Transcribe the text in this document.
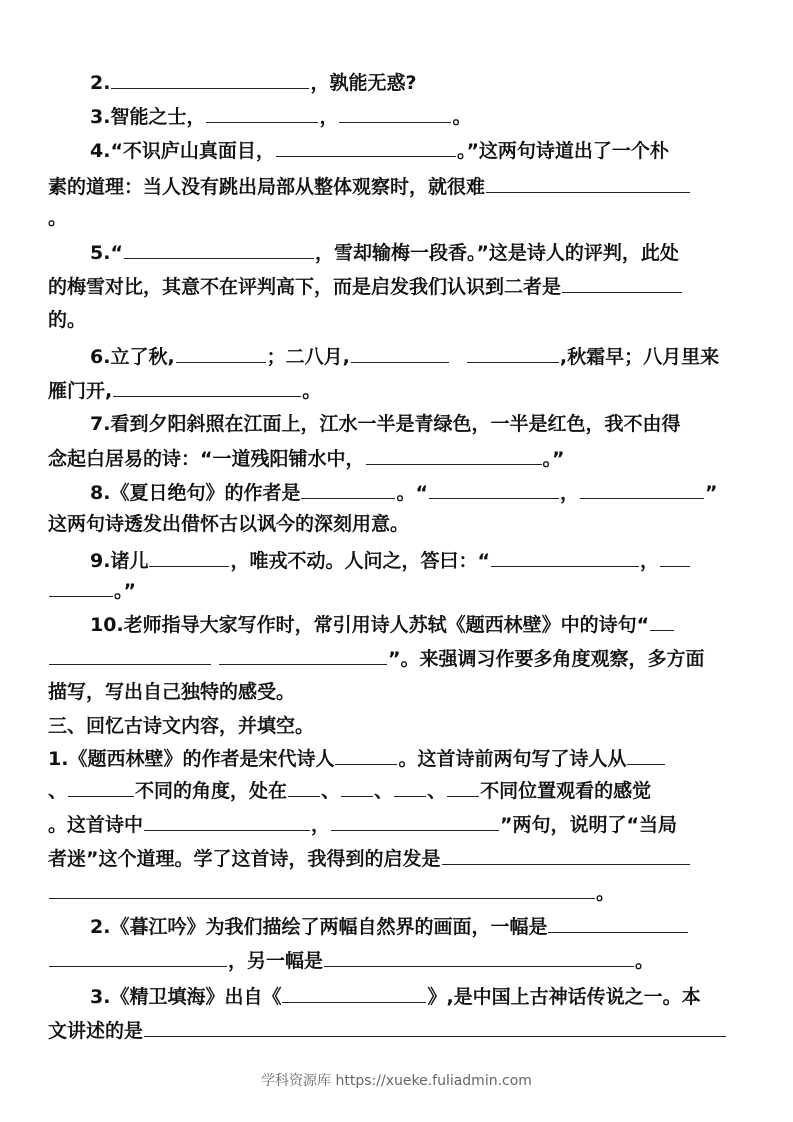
2.	，孰能无惑?
3.智能之士，	，	。
4.“不识庐山真面目，	。”这两句诗道出了一个朴
素的道理：当人没有跳出局部从整体观察时，就很难
。
5.“	，雪却输梅一段香。”这是诗人的评判，此处
的梅雪对比，其意不在评判高下，而是启发我们认识到二者是
的。
6.立了秋,	；二八月,	,秋霜早；八月里来
雁门开,	。
7.看到夕阳斜照在江面上，江水一半是青绿色，一半是红色，我不由得
念起白居易的诗：“一道残阳铺水中，	。”
8.《夏日绝句》的作者是	。“	，	”
这两句诗透发出借怀古以讽今的深刻用意。
9.诸儿	，唯戎不动。人问之，答曰：“	，
。”
10.老师指导大家写作时，常引用诗人苏轼《题西林壁》中的诗句“
”。来强调习作要多角度观察，多方面
描写，写出自己独特的感受。
三、回忆古诗文内容，并填空。
1.《题西林壁》的作者是宋代诗人	。这首诗前两句写了诗人从
、	不同的角度，处在 、 、 、 不同位置观看的感觉
。这首诗中	，	”两句，说明了“当局
者迷”这个道理。学了这首诗，我得到的启发是
。
2.《暮江吟》为我们描绘了两幅自然界的画面，一幅是
，另一幅是	。
3.《精卫填海》出自《	》,是中国上古神话传说之一。本
文讲述的是
学科资源库 https://xueke.fuliadmin.com
